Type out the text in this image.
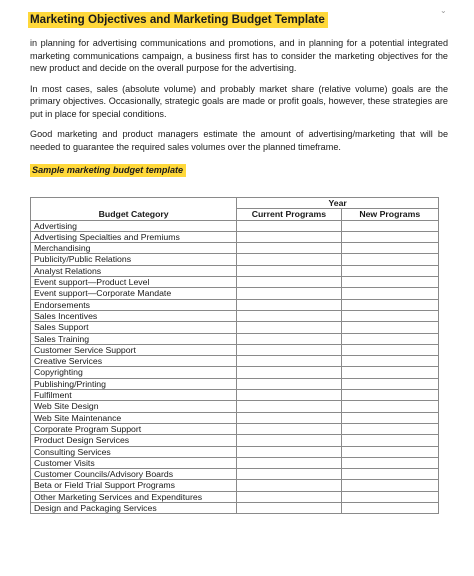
⌄
Marketing Objectives and Marketing Budget Template

in planning for advertising communications and promotions, and in planning for a potential integrated marketing communications campaign, a business first has to consider the marketing objectives for the new product and decide on the overall purpose for the advertising.

In most cases, sales (absolute volume) and probably market share (relative volume) goals are the primary objectives. Occasionally, strategic goals are made or profit goals, however, these strategies are put in place for special conditions.

Good marketing and product managers estimate the amount of advertising/marketing that will be needed to guarantee the required sales volumes over the planned timeframe.

Sample marketing budget template
Budget Category	Year	
	Current Programs	New Programs
Advertising		
Advertising Specialties and Premiums		
Merchandising		
Publicity/Public Relations		
Analyst Relations		
Event support—Product Level		
Event support—Corporate Mandate		
Endorsements		
Sales Incentives		
Sales Support		
Sales Training		
Customer Service Support		
Creative Services		
Copyrighting		
Publishing/Printing		
Fulfilment		
Web Site Design		
Web Site Maintenance		
Corporate Program Support		
Product Design Services		
Consulting Services		
Customer Visits		
Customer Councils/Advisory Boards		
Beta or Field Trial Support Programs		
Other Marketing Services and Expenditures		
Design and Packaging Services		
